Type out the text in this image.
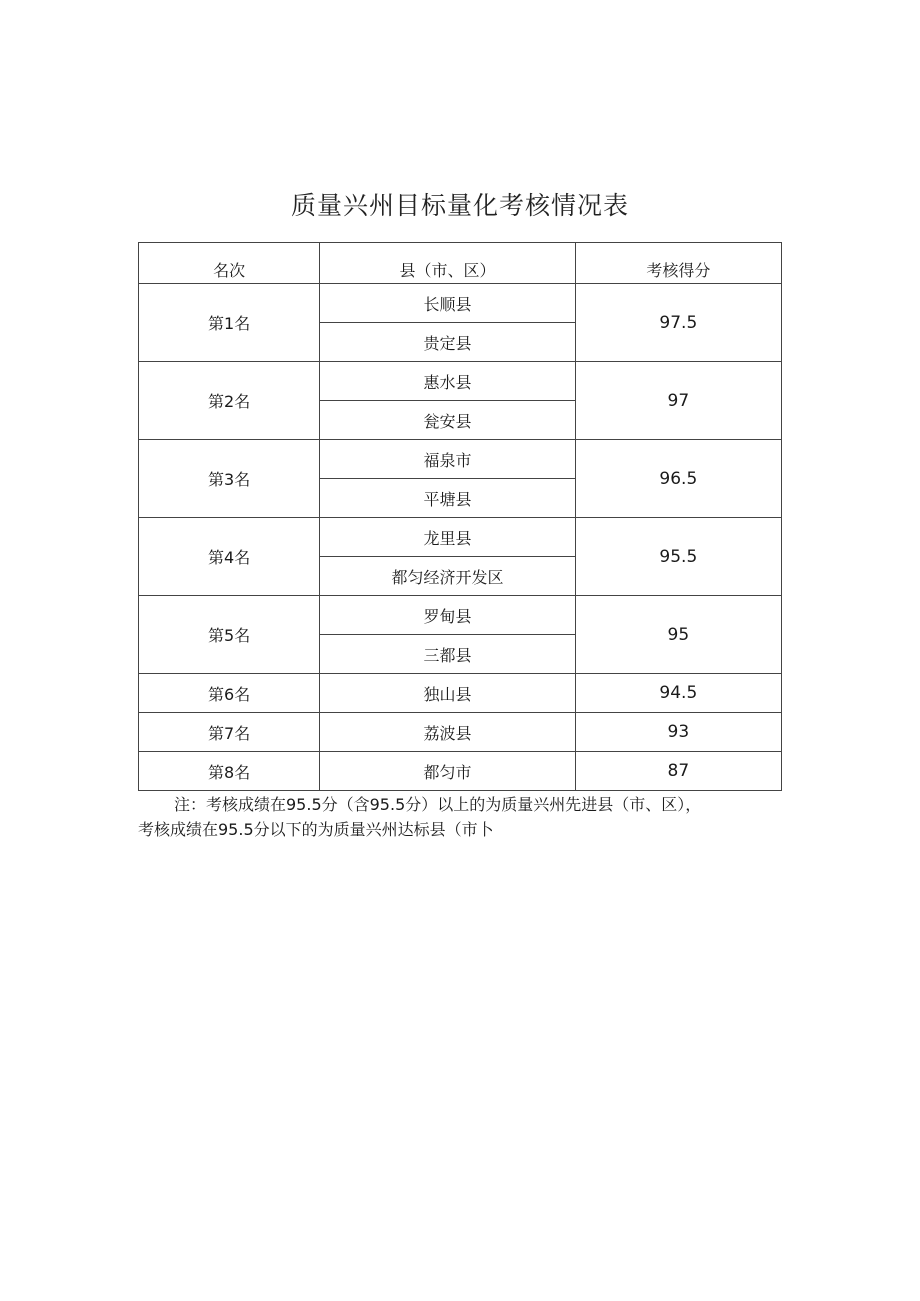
质量兴州目标量化考核情况表
名次	县（市、区）	考核得分
第1名	长顺县	97.5
	贵定县	
第2名	惠水县	97
	瓮安县	
第3名	福泉市	96.5
	平塘县	
第4名	龙里县	95.5
	都匀经济开发区	
第5名	罗甸县	95
	三都县	
第6名	独山县	94.5
第7名	荔波县	93
第8名	都匀市	87

注：考核成绩在95.5分（含95.5分）以上的为质量兴州先进县（市、区），

考核成绩在95.5分以下的为质量兴州达标县（市卜
